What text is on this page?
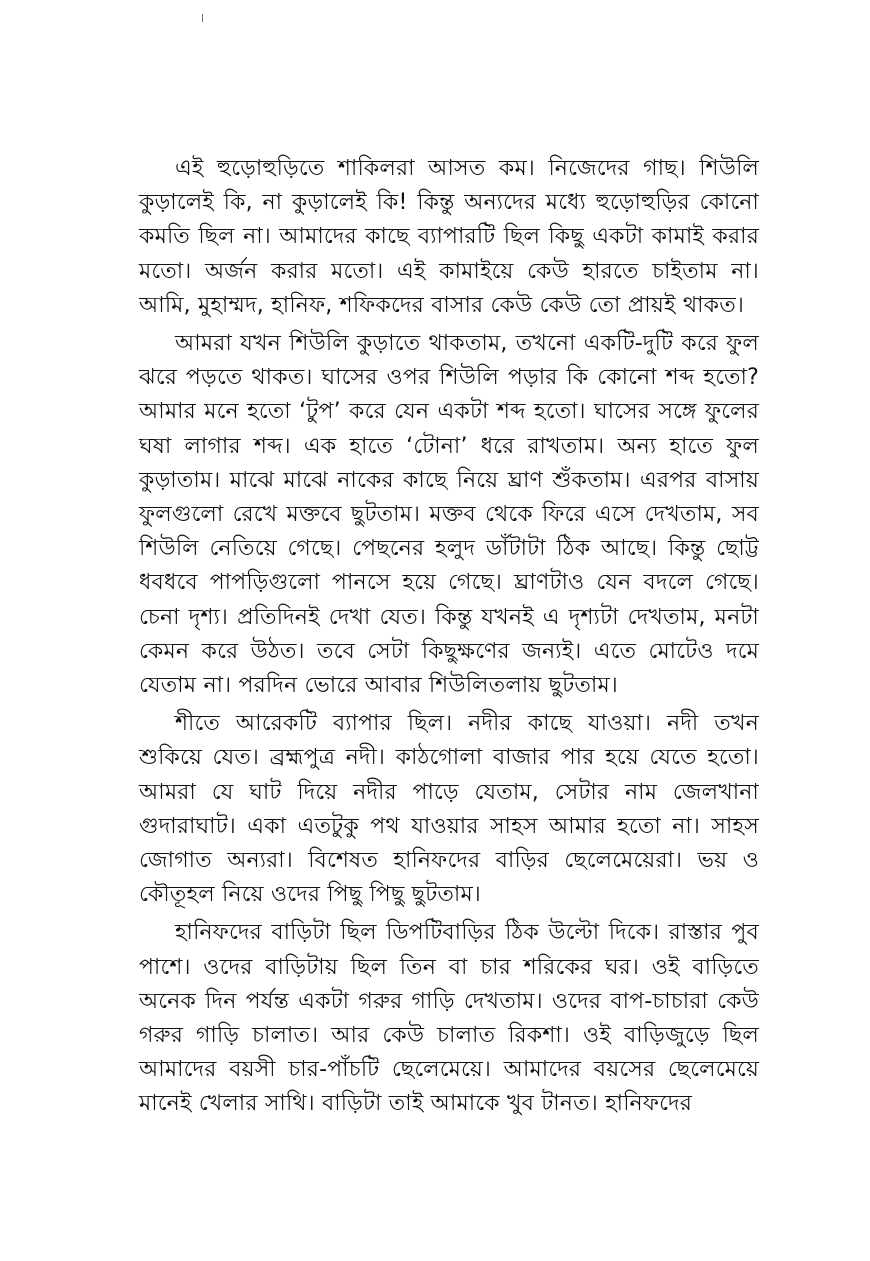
এই হুড়োহুড়িতে শাকিলরা আসত কম। নিজেদের গাছ। শিউলি কুড়ালেই কি, না কুড়ালেই কি! কিন্তু অন্যদের মধ্যে হুড়োহুড়ির কোনো কমতি ছিল না। আমাদের কাছে ব্যাপারটি ছিল কিছু একটা কামাই করার মতো। অর্জন করার মতো। এই কামাইয়ে কেউ হারতে চাইতাম না। আমি, মুহাম্মদ, হানিফ, শফিকদের বাসার কেউ কেউ তো প্রায়ই থাকত।

আমরা যখন শিউলি কুড়াতে থাকতাম, তখনো একটি-দুটি করে ফুল ঝরে পড়তে থাকত। ঘাসের ওপর শিউলি পড়ার কি কোনো শব্দ হতো? আমার মনে হতো ‘টুপ’ করে যেন একটা শব্দ হতো। ঘাসের সঙ্গে ফুলের ঘষা লাগার শব্দ। এক হাতে ‘টোনা’ ধরে রাখতাম। অন্য হাতে ফুল কুড়াতাম। মাঝে মাঝে নাকের কাছে নিয়ে ঘ্রাণ শুঁকতাম। এরপর বাসায় ফুলগুলো রেখে মক্তবে ছুটতাম। মক্তব থেকে ফিরে এসে দেখতাম, সব শিউলি নেতিয়ে গেছে। পেছনের হলুদ ডাঁটাটা ঠিক আছে। কিন্তু ছোট্ট ধবধবে পাপড়িগুলো পানসে হয়ে গেছে। ঘ্রাণটাও যেন বদলে গেছে। চেনা দৃশ্য। প্রতিদিনই দেখা যেত। কিন্তু যখনই এ দৃশ্যটা দেখতাম, মনটা কেমন করে উঠত। তবে সেটা কিছুক্ষণের জন্যই। এতে মোটেও দমে যেতাম না। পরদিন ভোরে আবার শিউলিতলায় ছুটতাম।

শীতে আরেকটি ব্যাপার ছিল। নদীর কাছে যাওয়া। নদী তখন শুকিয়ে যেত। ব্রহ্মপুত্র নদী। কাঠগোলা বাজার পার হয়ে যেতে হতো। আমরা যে ঘাট দিয়ে নদীর পাড়ে যেতাম, সেটার নাম জেলখানা গুদারাঘাট। একা এতটুকু পথ যাওয়ার সাহস আমার হতো না। সাহস জোগাত অন্যরা। বিশেষত হানিফদের বাড়ির ছেলেমেয়েরা। ভয় ও কৌতূহল নিয়ে ওদের পিছু পিছু ছুটতাম।

হানিফদের বাড়িটা ছিল ডিপটিবাড়ির ঠিক উল্টো দিকে। রাস্তার পুব পাশে। ওদের বাড়িটায় ছিল তিন বা চার শরিকের ঘর। ওই বাড়িতে অনেক দিন পর্যন্ত একটা গরুর গাড়ি দেখতাম। ওদের বাপ-চাচারা কেউ গরুর গাড়ি চালাত। আর কেউ চালাত রিকশা। ওই বাড়িজুড়ে ছিল আমাদের বয়সী চার-পাঁচটি ছেলেমেয়ে। আমাদের বয়সের ছেলেমেয়ে মানেই খেলার সাথি। বাড়িটা তাই আমাকে খুব টানত। হানিফদের
